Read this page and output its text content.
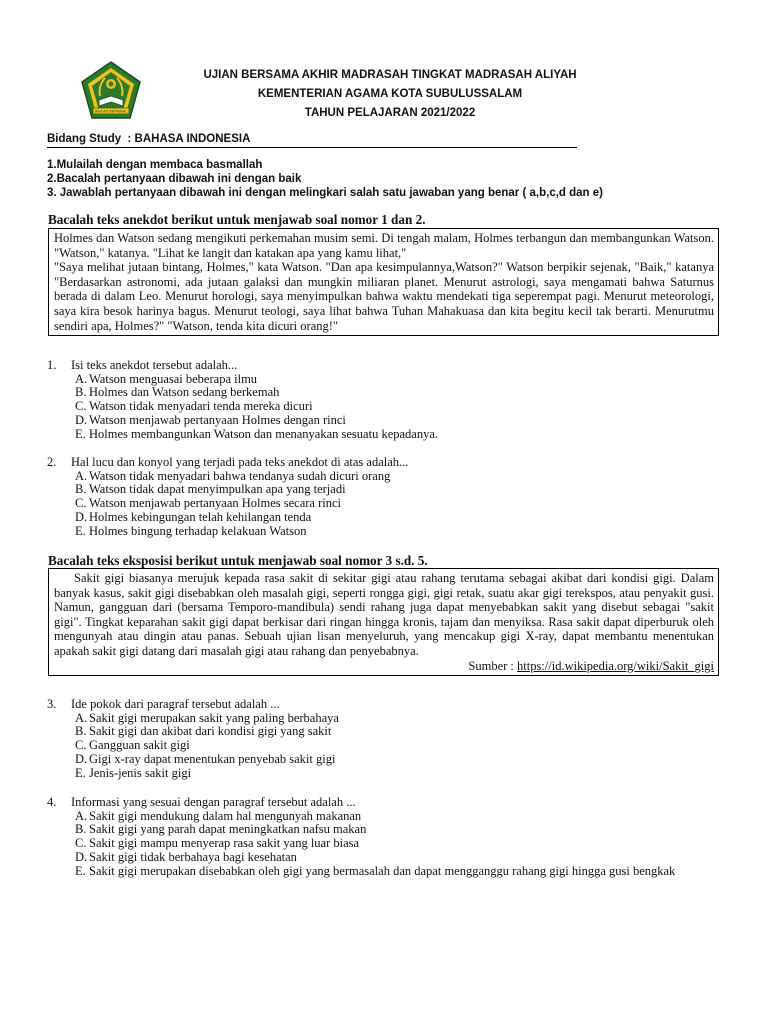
IKHLAS BERAMAL
UJIAN BERSAMA AKHIR MADRASAH TINGKAT MADRASAH ALIYAH
KEMENTERIAN AGAMA KOTA SUBULUSSALAM
TAHUN PELAJARAN 2021/2022
Bidang Study  : BAHASA INDONESIA
1.Mulailah dengan membaca basmallah
2.Bacalah pertanyaan dibawah ini dengan baik
3. Jawablah pertanyaan dibawah ini dengan melingkari salah satu jawaban yang benar ( a,b,c,d dan e)
Bacalah teks anekdot berikut untuk menjawab soal nomor 1 dan 2.

Holmes dan Watson sedang mengikuti perkemahan musim semi. Di tengah malam, Holmes terbangun dan membangunkan Watson. "Watson," katanya. "Lihat ke langit dan katakan apa yang kamu lihat,"

"Saya melihat jutaan bintang, Holmes," kata Watson. "Dan apa kesimpulannya,Watson?" Watson berpikir sejenak, "Baik," katanya "Berdasarkan astronomi, ada jutaan galaksi dan mungkin miliaran planet. Menurut astrologi, saya mengamati bahwa Saturnus berada di dalam Leo. Menurut horologi, saya menyimpulkan bahwa waktu mendekati tiga seperempat pagi. Menurut meteorologi, saya kira besok harinya bagus. Menurut teologi, saya lihat bahwa Tuhan Mahakuasa dan kita begitu kecil tak berarti. Menurutmu sendiri apa, Holmes?" "Watson, tenda kita dicuri orang!"

1. Isi teks anekdot tersebut adalah...
A. Watson menguasai beberapa ilmu
B. Holmes dan Watson sedang berkemah
C. Watson tidak menyadari tenda mereka dicuri
D. Watson menjawab pertanyaan Holmes dengan rinci
E. Holmes membangunkan Watson dan menanyakan sesuatu kepadanya.
2. Hal lucu dan konyol yang terjadi pada teks anekdot di atas adalah...
A. Watson tidak menyadari bahwa tendanya sudah dicuri orang
B. Watson tidak dapat menyimpulkan apa yang terjadi
C. Watson menjawab pertanyaan Holmes secara rinci
D. Holmes kebingungan telah kehilangan tenda
E. Holmes bingung terhadap kelakuan Watson
Bacalah teks eksposisi berikut untuk menjawab soal nomor 3 s.d. 5.

Sakit gigi biasanya merujuk kepada rasa sakit di sekitar gigi atau rahang terutama sebagai akibat dari kondisi gigi. Dalam banyak kasus, sakit gigi disebabkan oleh masalah gigi, seperti rongga gigi, gigi retak, suatu akar gigi terekspos, atau penyakit gusi. Namun, gangguan dari (bersama Temporo-mandibula) sendi rahang juga dapat menyebabkan sakit yang disebut sebagai "sakit gigi". Tingkat keparahan sakit gigi dapat berkisar dari ringan hingga kronis, tajam dan menyiksa. Rasa sakit dapat diperburuk oleh mengunyah atau dingin atau panas. Sebuah ujian lisan menyeluruh, yang mencakup gigi X-ray, dapat membantu menentukan apakah sakit gigi datang dari masalah gigi atau rahang dan penyebabnya.

Sumber : https://id.wikipedia.org/wiki/Sakit_gigi

3. Ide pokok dari paragraf tersebut adalah ...
A. Sakit gigi merupakan sakit yang paling berbahaya
B. Sakit gigi dan akibat dari kondisi gigi yang sakit
C. Gangguan sakit gigi
D. Gigi x-ray dapat menentukan penyebab sakit gigi
E. Jenis-jenis sakit gigi
4. Informasi yang sesuai dengan paragraf tersebut adalah ...
A. Sakit gigi mendukung dalam hal mengunyah makanan
B. Sakit gigi yang parah dapat meningkatkan nafsu makan
C. Sakit gigi mampu menyerap rasa sakit yang luar biasa
D. Sakit gigi tidak berbahaya bagi kesehatan
E. Sakit gigi merupakan disebabkan oleh gigi yang bermasalah dan dapat mengganggu rahang gigi hingga gusi bengkak
